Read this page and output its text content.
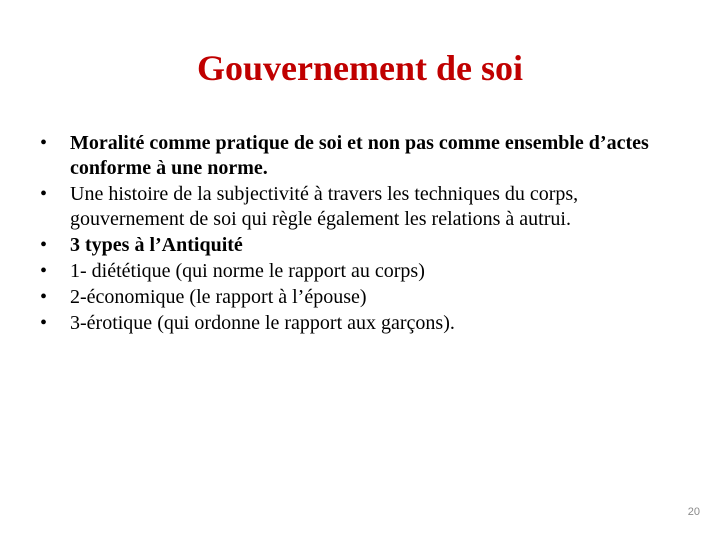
Gouvernement de soi
•	Moralité comme pratique de soi et non pas comme ensemble d’actes conforme à une norme.
•	Une histoire de la subjectivité à travers les techniques du corps, gouvernement de soi qui règle également les relations à autrui.
•	3 types à l’Antiquité
•	1- diététique (qui norme le rapport au corps)
•	2-économique (le rapport à l’épouse)
•	3-érotique (qui ordonne le rapport aux garçons).
20
